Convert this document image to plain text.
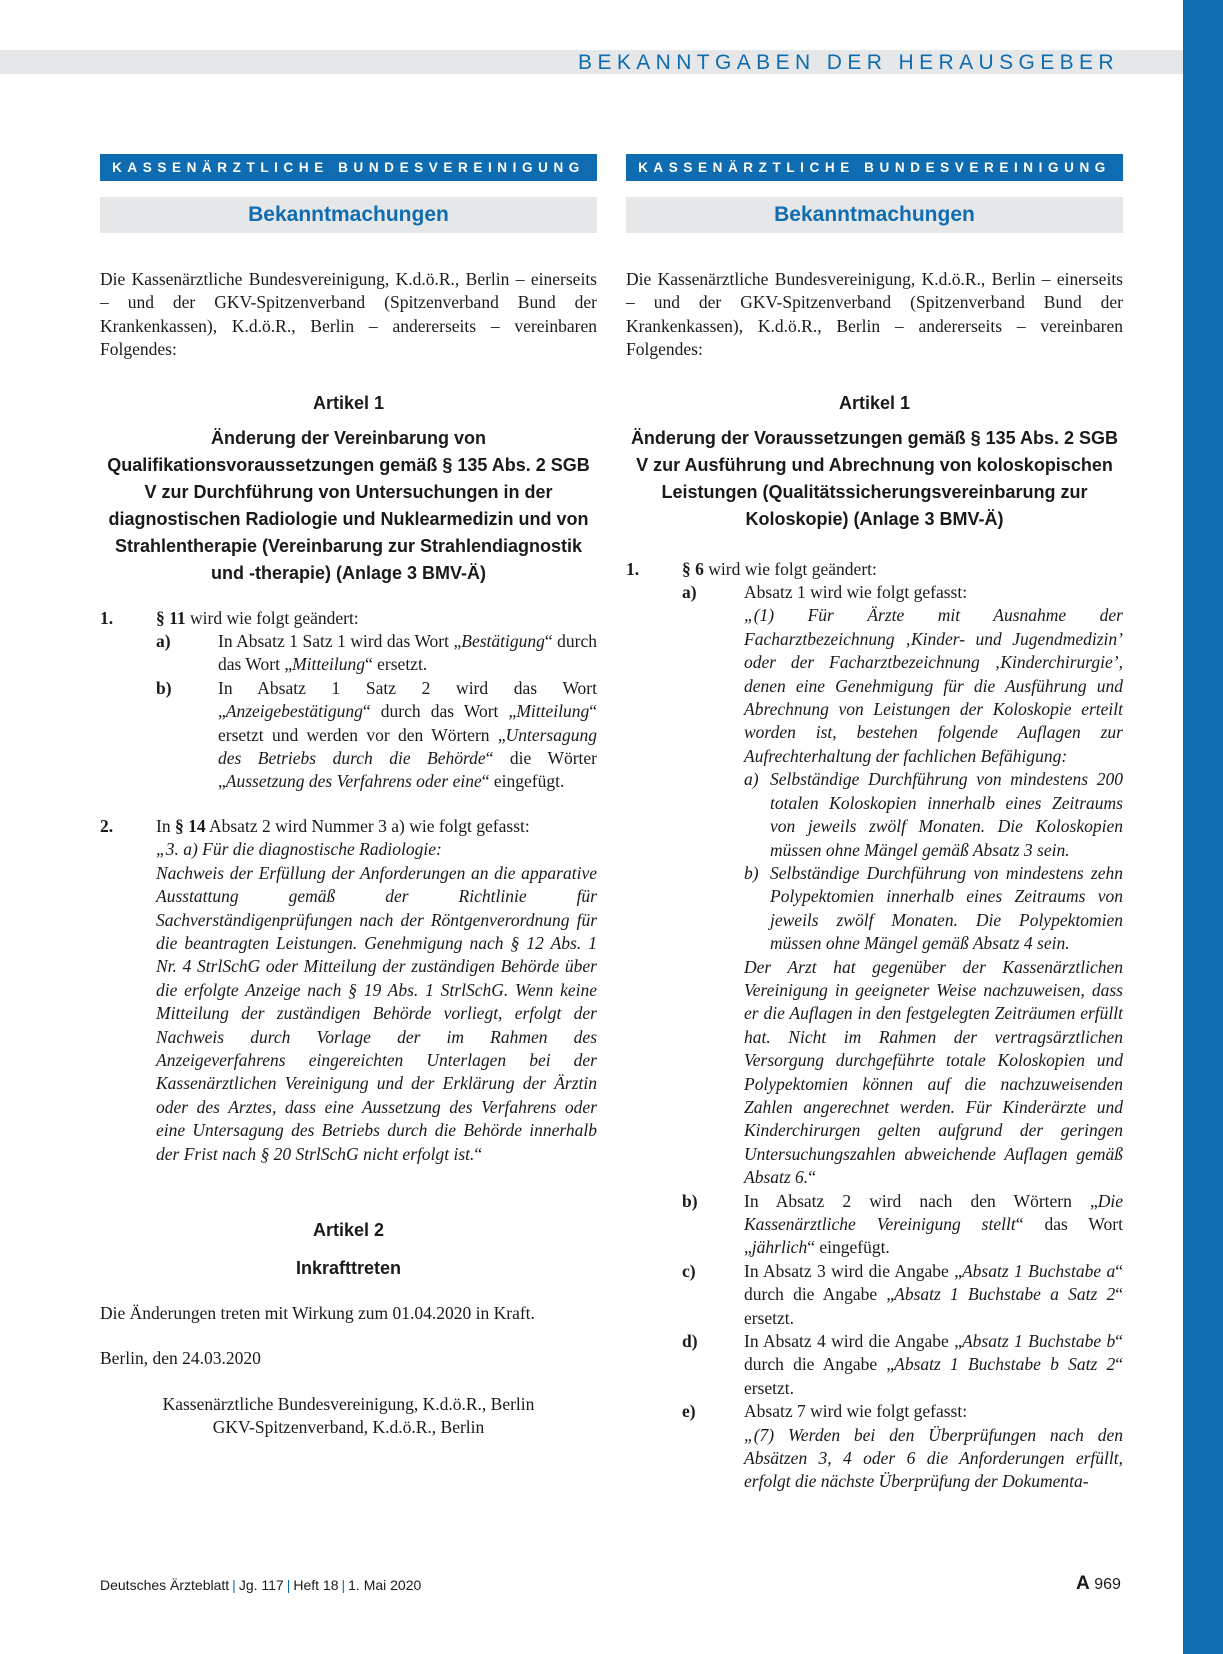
BEKANNTGABEN DER HERAUSGEBER
KASSENÄRZTLICHE BUNDESVEREINIGUNG
Bekanntmachungen
Die Kassenärztliche Bundesvereinigung, K.d.ö.R., Berlin – einerseits – und der GKV-Spitzenverband (Spitzenverband Bund der Krankenkassen), K.d.ö.R., Berlin – andererseits – vereinbaren Folgendes:
Artikel 1
Änderung der Vereinbarung von Qualifikationsvoraussetzungen gemäß § 135 Abs. 2 SGB V zur Durchführung von Untersuchungen in der diagnostischen Radiologie und Nuklearmedizin und von Strahlentherapie (Vereinbarung zur Strahlendiagnostik und -therapie) (Anlage 3 BMV-Ä)
1.	§ 11 wird wie folgt geändert:
a)	In Absatz 1 Satz 1 wird das Wort „Bestätigung“ durch das Wort „Mitteilung“ ersetzt.
b)	In Absatz 1 Satz 2 wird das Wort „Anzeigebestätigung“ durch das Wort „Mitteilung“ ersetzt und werden vor den Wörtern „Untersagung des Betriebs durch die Behörde“ die Wörter „Aussetzung des Verfahrens oder eine“ eingefügt.
2.	In § 14 Absatz 2 wird Nummer 3 a) wie folgt gefasst:
„3. a) Für die diagnostische Radiologie:
Nachweis der Erfüllung der Anforderungen an die apparative Ausstattung gemäß der Richtlinie für Sachverständigenprüfungen nach der Röntgenverordnung für die beantragten Leistungen. Genehmigung nach § 12 Abs. 1 Nr. 4 StrlSchG oder Mitteilung der zuständigen Behörde über die erfolgte Anzeige nach § 19 Abs. 1 StrlSchG. Wenn keine Mitteilung der zuständigen Behörde vorliegt, erfolgt der Nachweis durch Vorlage der im Rahmen des Anzeigeverfahrens eingereichten Unterlagen bei der Kassenärztlichen Vereinigung und der Erklärung der Ärztin oder des Arztes, dass eine Aussetzung des Verfahrens oder eine Untersagung des Betriebs durch die Behörde innerhalb der Frist nach § 20 StrlSchG nicht erfolgt ist.“
Artikel 2
Inkrafttreten
Die Änderungen treten mit Wirkung zum 01.04.2020 in Kraft.
Berlin, den 24.03.2020
Kassenärztliche Bundesvereinigung, K.d.ö.R., Berlin
GKV-Spitzenverband, K.d.ö.R., Berlin
KASSENÄRZTLICHE BUNDESVEREINIGUNG
Bekanntmachungen
Die Kassenärztliche Bundesvereinigung, K.d.ö.R., Berlin – einerseits – und der GKV-Spitzenverband (Spitzenverband Bund der Krankenkassen), K.d.ö.R., Berlin – andererseits – vereinbaren Folgendes:
Artikel 1
Änderung der Voraussetzungen gemäß § 135 Abs. 2 SGB V zur Ausführung und Abrechnung von koloskopischen Leistungen (Qualitätssicherungsvereinbarung zur Koloskopie) (Anlage 3 BMV-Ä)
1.	§ 6 wird wie folgt geändert:
a)	Absatz 1 wird wie folgt gefasst:
„(1) Für Ärzte mit Ausnahme der Facharztbezeichnung ‚Kinder- und Jugendmedizin’ oder der Facharztbezeichnung ‚Kinderchirurgie’, denen eine Genehmigung für die Ausführung und Abrechnung von Leistungen der Koloskopie erteilt worden ist, bestehen folgende Auflagen zur Aufrechterhaltung der fachlichen Befähigung:
a) Selbständige Durchführung von mindestens 200 totalen Koloskopien innerhalb eines Zeitraums von jeweils zwölf Monaten. Die Koloskopien müssen ohne Mängel gemäß Absatz 3 sein.
b) Selbständige Durchführung von mindestens zehn Polypektomien innerhalb eines Zeitraums von jeweils zwölf Monaten. Die Polypektomien müssen ohne Mängel gemäß Absatz 4 sein.
Der Arzt hat gegenüber der Kassenärztlichen Vereinigung in geeigneter Weise nachzuweisen, dass er die Auflagen in den festgelegten Zeiträumen erfüllt hat. Nicht im Rahmen der vertragsärztlichen Versorgung durchgeführte totale Koloskopien und Polypektomien können auf die nachzuweisenden Zahlen angerechnet werden. Für Kinderärzte und Kinderchirurgen gelten aufgrund der geringen Untersuchungszahlen abweichende Auflagen gemäß Absatz 6.“
b)	In Absatz 2 wird nach den Wörtern „Die Kassenärztliche Vereinigung stellt“ das Wort „jährlich“ eingefügt.
c)	In Absatz 3 wird die Angabe „Absatz 1 Buchstabe a“ durch die Angabe „Absatz 1 Buchstabe a Satz 2“ ersetzt.
d)	In Absatz 4 wird die Angabe „Absatz 1 Buchstabe b“ durch die Angabe „Absatz 1 Buchstabe b Satz 2“ ersetzt.
e)	Absatz 7 wird wie folgt gefasst:
„(7) Werden bei den Überprüfungen nach den Absätzen 3, 4 oder 6 die Anforderungen erfüllt, erfolgt die nächste Überprüfung der Dokumenta-
Deutsches Ärzteblatt | Jg. 117 | Heft 18 | 1. Mai 2020	A 969
